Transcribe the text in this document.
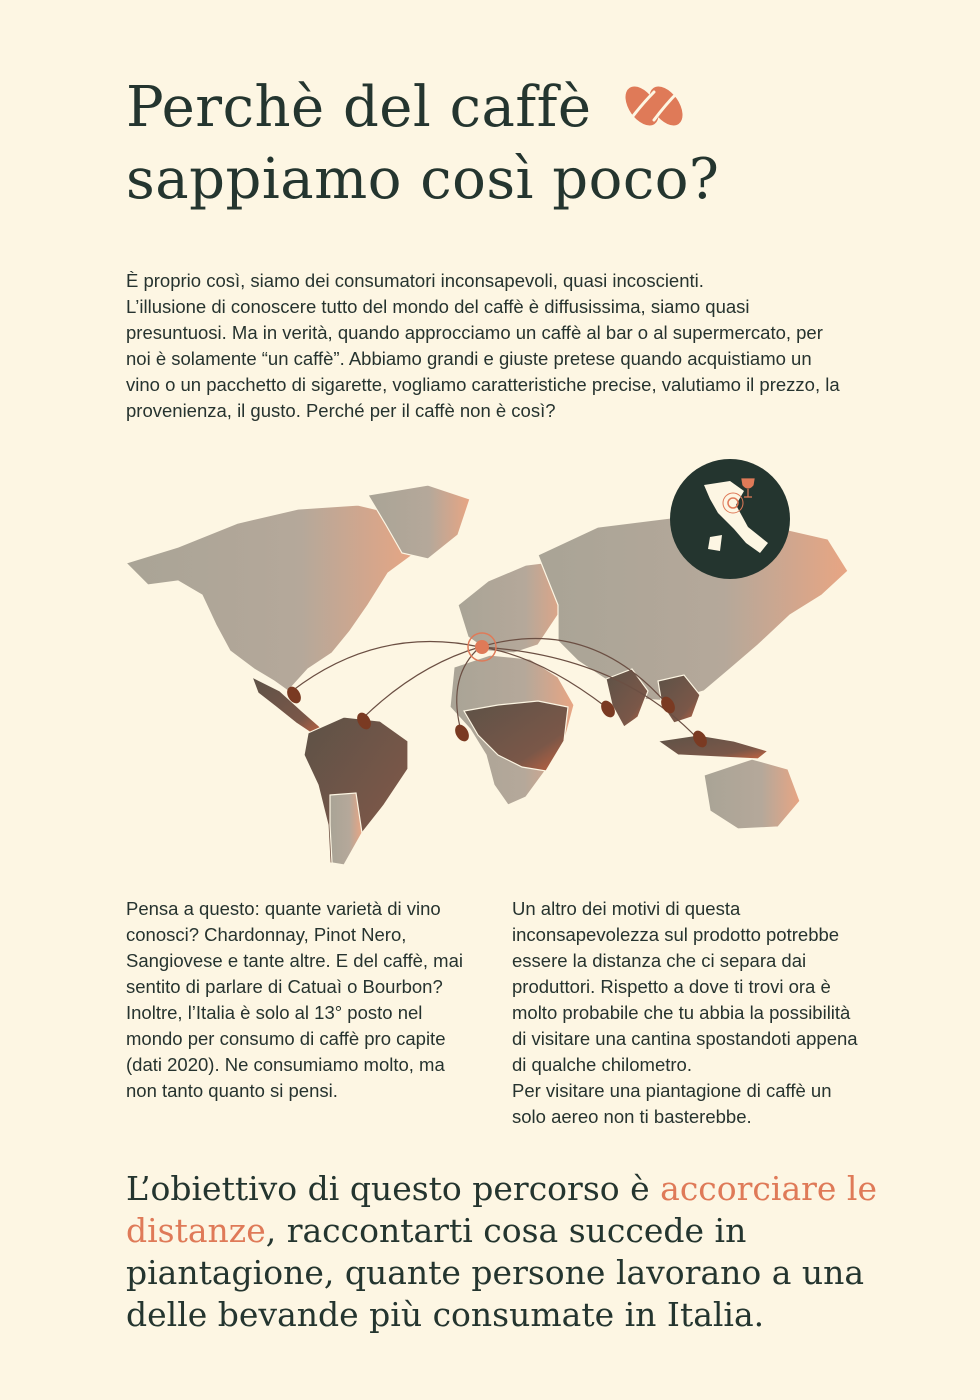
Perchè del caffè
sappiamo così poco?

È proprio così, siamo dei consumatori inconsapevoli, quasi incoscienti.
L’illusione di conoscere tutto del mondo del caffè è diffusissima, siamo quasi
presuntuosi. Ma in verità, quando approcciamo un caffè al bar o al supermercato, per
noi è solamente “un caffè”. Abbiamo grandi e giuste pretese quando acquistiamo un
vino o un pacchetto di sigarette, vogliamo caratteristiche precise, valutiamo il prezzo, la
provenienza, il gusto. Perché per il caffè non è così?

Pensa a questo: quante varietà di vino
conosci? Chardonnay, Pinot Nero,
Sangiovese e tante altre. E del caffè, mai
sentito di parlare di Catuaì o Bourbon?
Inoltre, l’Italia è solo al 13° posto nel
mondo per consumo di caffè pro capite
(dati 2020). Ne consumiamo molto, ma
non tanto quanto si pensi.

Un altro dei motivi di questa
inconsapevolezza sul prodotto potrebbe
essere la distanza che ci separa dai
produttori. Rispetto a dove ti trovi ora è
molto probabile che tu abbia la possibilità
di visitare una cantina spostandoti appena
di qualche chilometro.
Per visitare una piantagione di caffè un
solo aereo non ti basterebbe.

L’obiettivo di questo percorso è accorciare le distanze, raccontarti cosa succede in piantagione, quante persone lavorano a una delle bevande più consumate in Italia.
